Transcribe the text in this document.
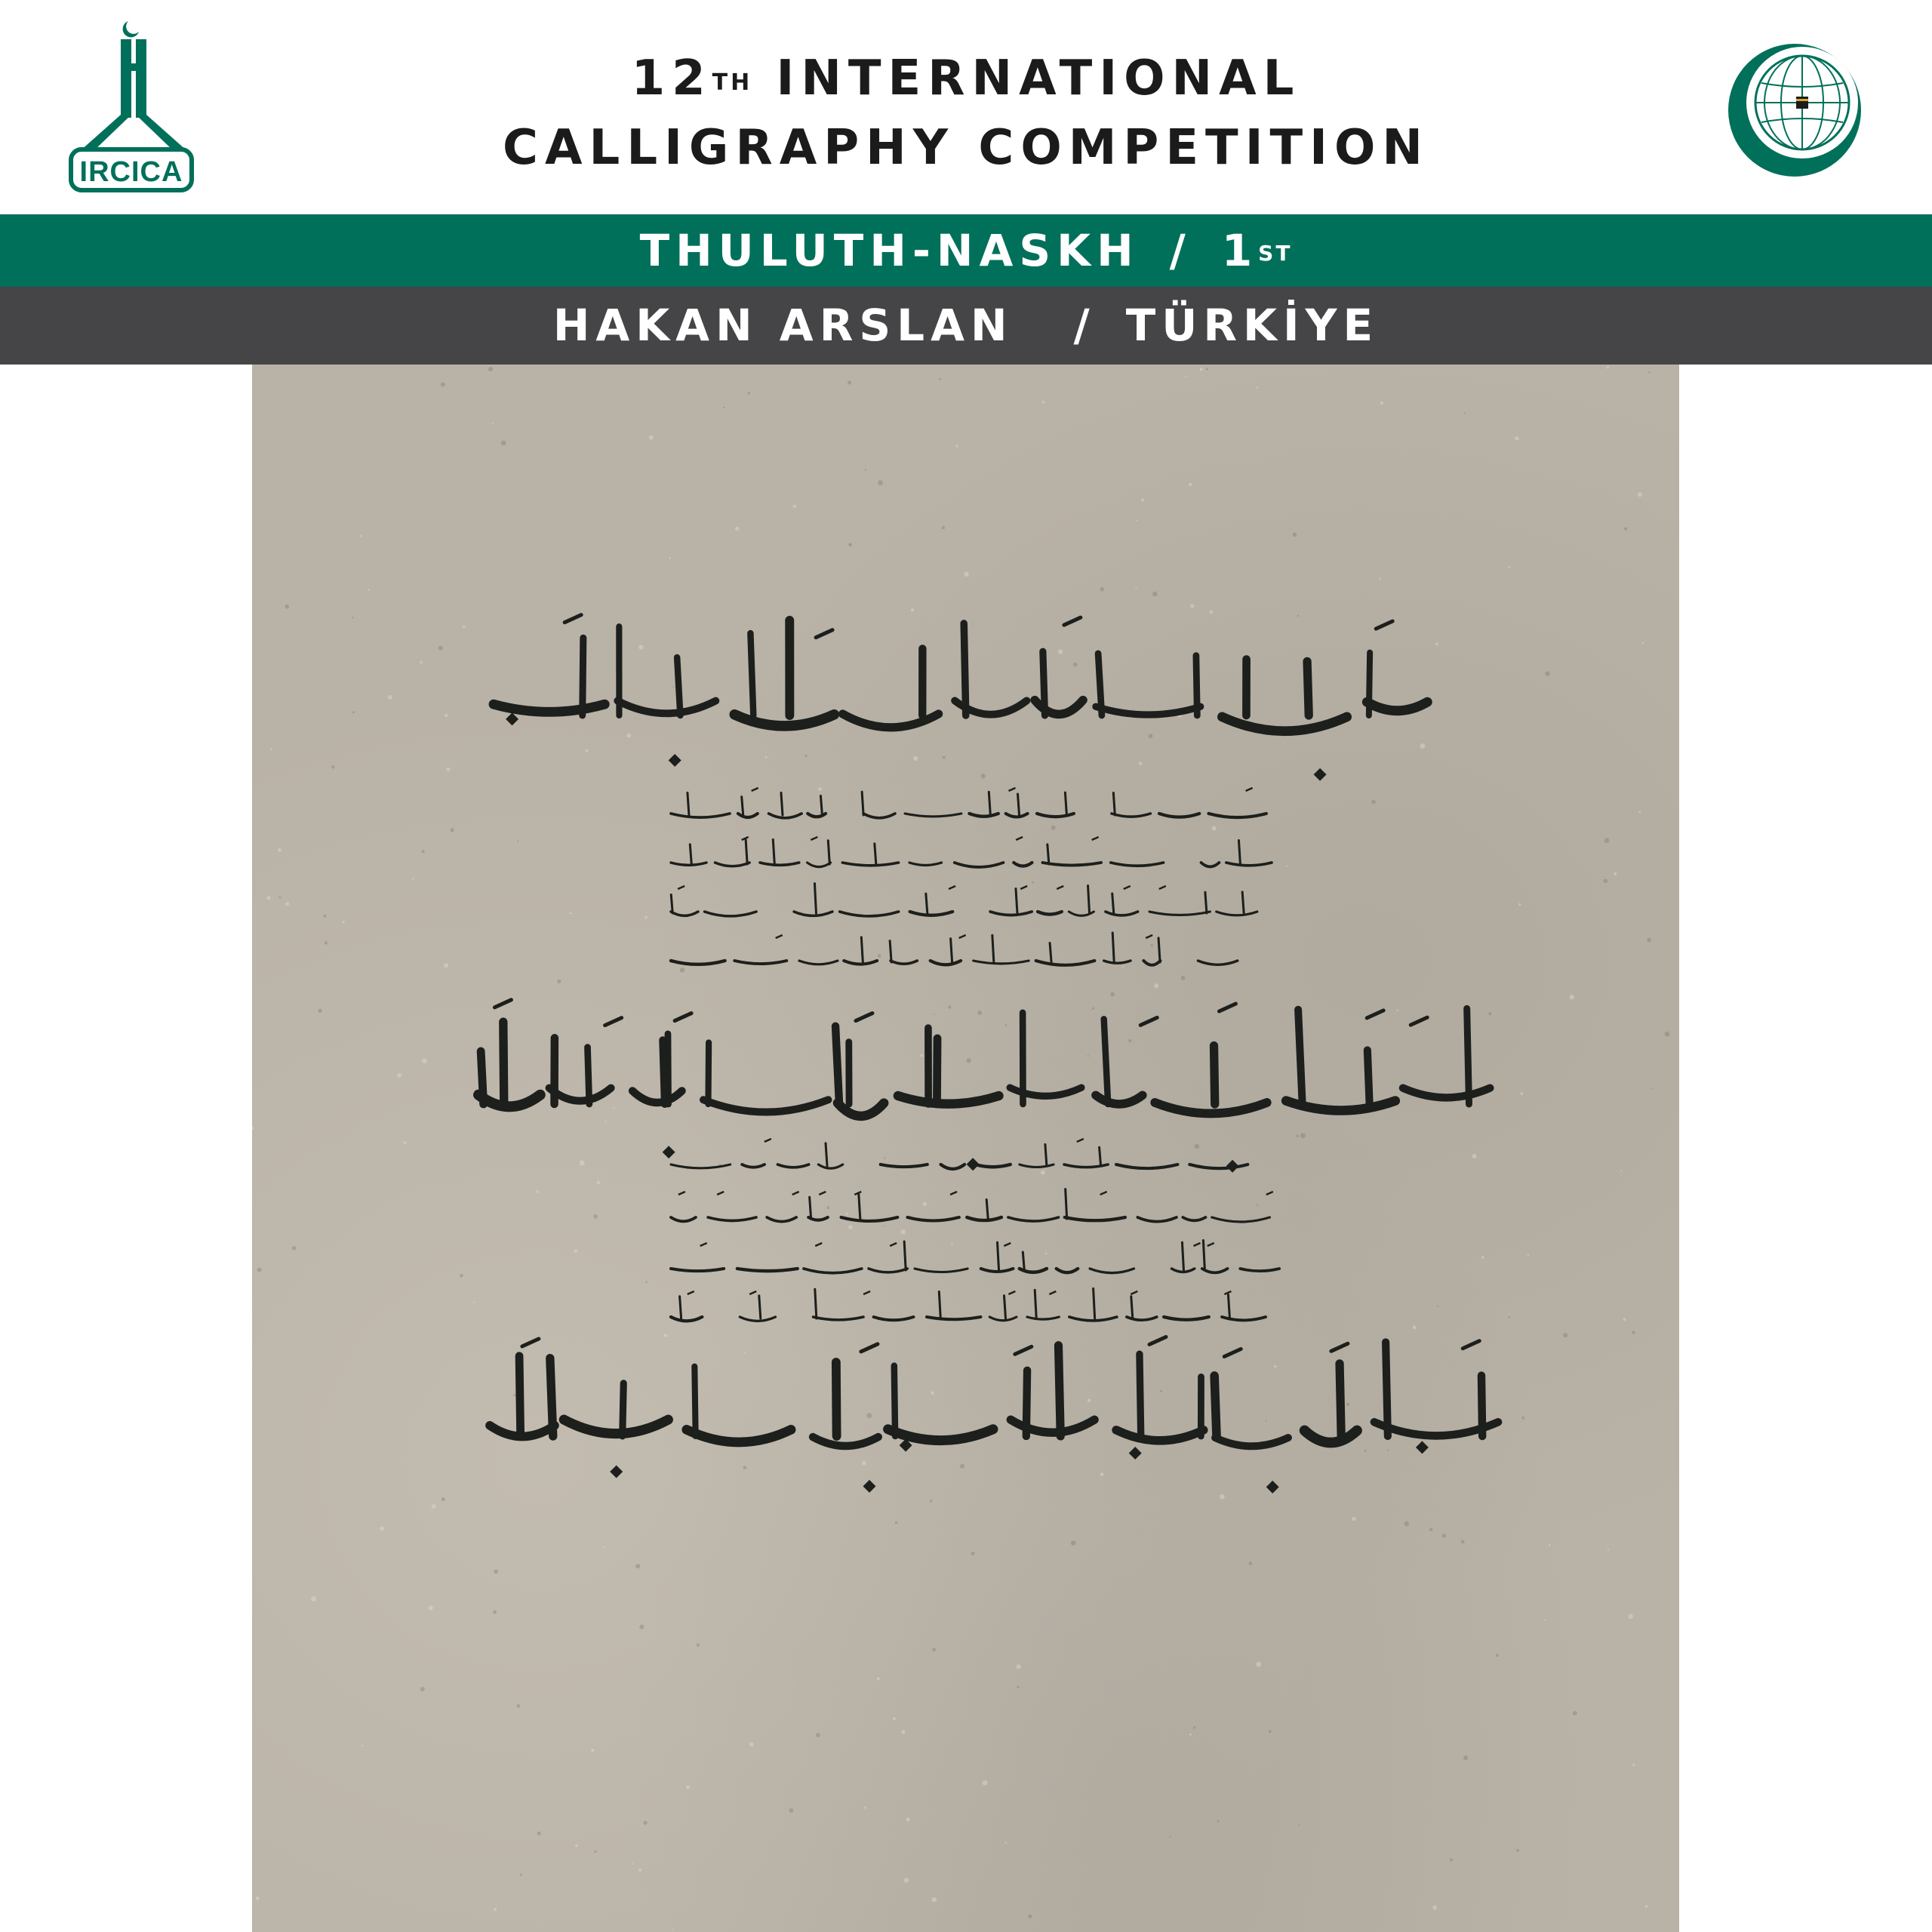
IRCICA
12TH INTERNATIONAL
CALLIGRAPHY COMPETITION
THULUTH-NASKH / 1ST
HAKAN ARSLAN / TÜRKİYE
